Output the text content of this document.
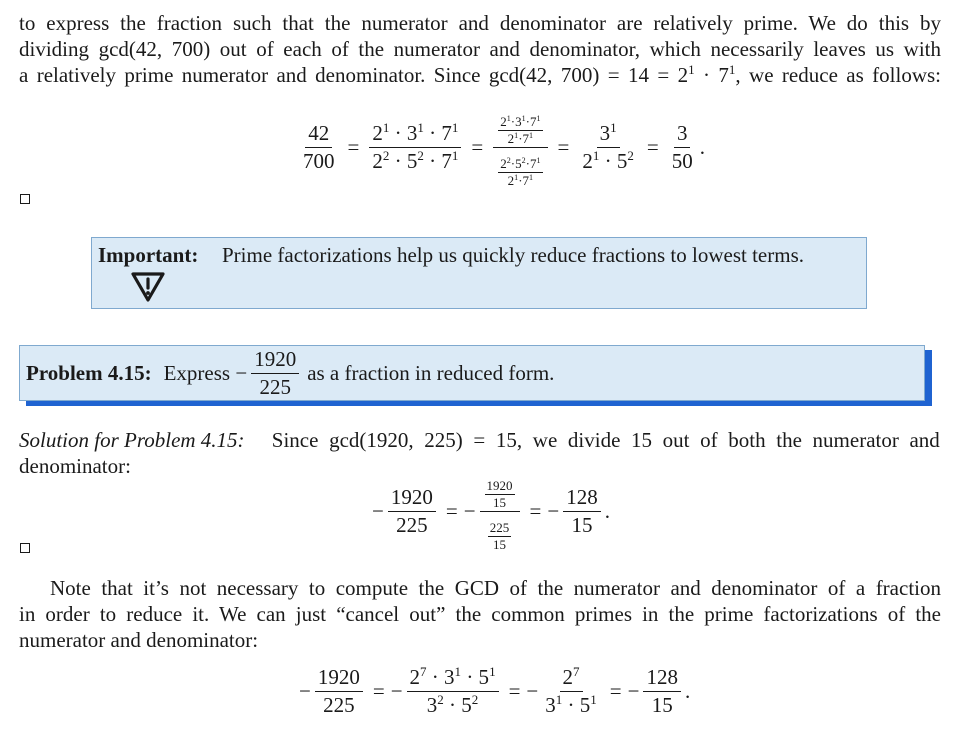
to express the fraction such that the numerator and denominator are relatively prime. We do this by
dividing gcd(42, 700) out of each of the numerator and denominator, which necessarily leaves us with
a relatively prime numerator and denominator. Since gcd(42, $700) = 14 = 2^1 \cdot 7^1$, we reduce as follows:
$\frac{42}{700} = \frac{2^1 \cdot 3^1 \cdot 7^1}{2^2 \cdot 5^2 \cdot 7^1} = \frac{\frac{2^1\cdot 3^1\cdot 7^1}{2^1\cdot 7^1}}{\frac{2^2\cdot 5^2\cdot 7^1}{2^1\cdot 7^1}} = \frac{3^1}{2^1 \cdot 5^2} = \frac{3}{50}$ .
Important: Prime factorizations help us quickly reduce fractions to lowest terms.
Problem 4.15: Express − $\frac{1920}{225}$ as a fraction in reduced form.
Solution for Problem 4.15: Since gcd(1920, 225) = 15, we divide 15 out of both the numerator and
denominator:
− $\frac{1920}{225}$ = − $\frac{\frac{1920}{15}}{\frac{225}{15}}$ = − $\frac{128}{15}$ .
Note that it’s not necessary to compute the GCD of the numerator and denominator of a fraction
in order to reduce it. We can just “cancel out” the common primes in the prime factorizations of the
numerator and denominator:
− $\frac{1920}{225}$ = − $\frac{2^7 \cdot 3^1 \cdot 5^1}{3^2 \cdot 5^2}$ = − $\frac{2^7}{3^1 \cdot 5^1}$ = − $\frac{128}{15}$ .
